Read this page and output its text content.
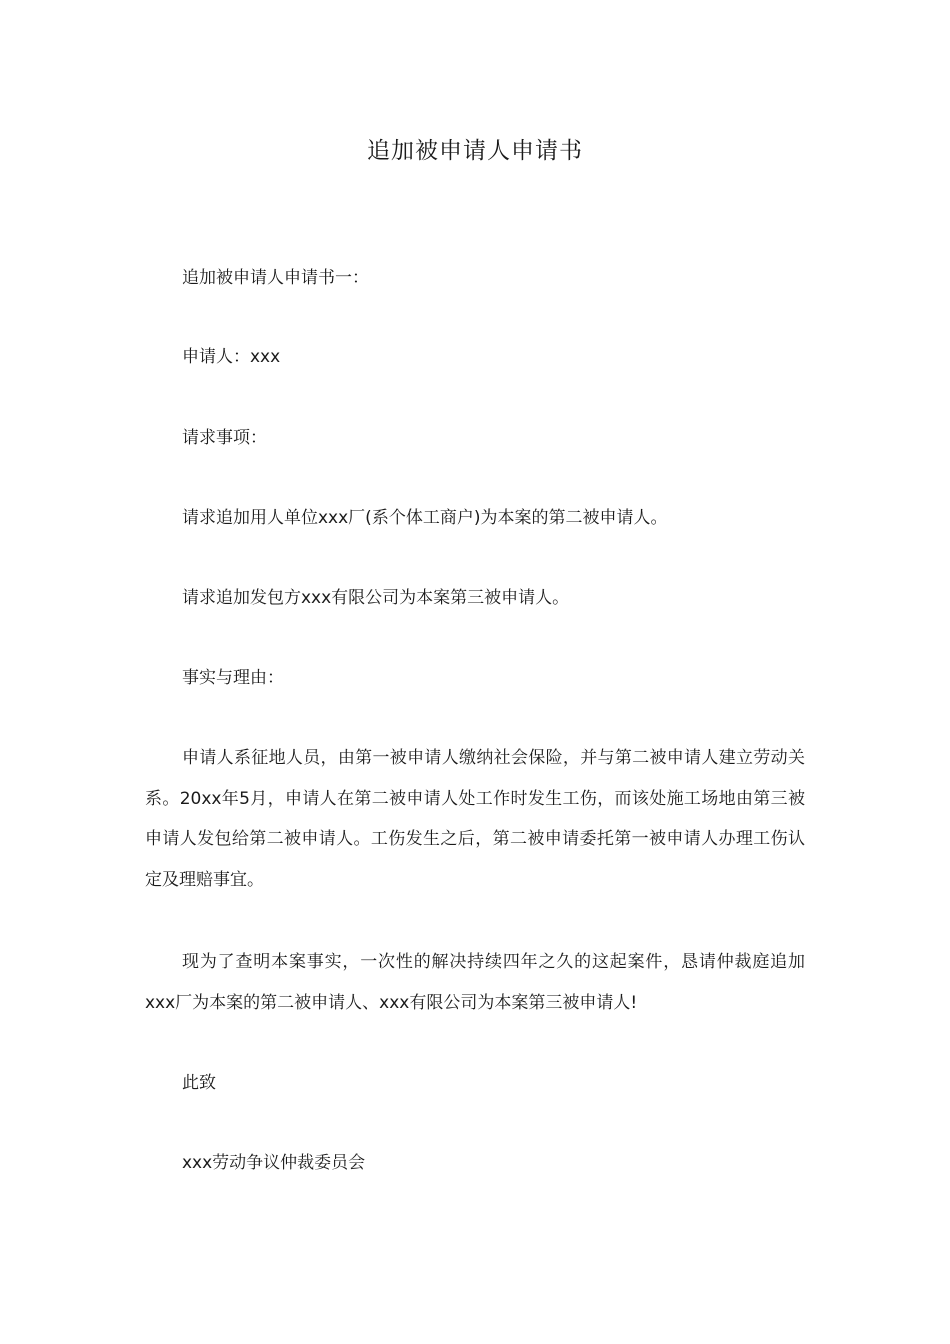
追加被申请人申请书

追加被申请人申请书一：

申请人：xxx

请求事项：

请求追加用人单位xxx厂(系个体工商户)为本案的第二被申请人。

请求追加发包方xxx有限公司为本案第三被申请人。

事实与理由：

申请人系征地人员，由第一被申请人缴纳社会保险，并与第二被申请人建立劳动关系。20xx年5月，申请人在第二被申请人处工作时发生工伤，而该处施工场地由第三被申请人发包给第二被申请人。工伤发生之后，第二被申请委托第一被申请人办理工伤认定及理赔事宜。

现为了查明本案事实，一次性的解决持续四年之久的这起案件，恳请仲裁庭追加xxx厂为本案的第二被申请人、xxx有限公司为本案第三被申请人!

此致

xxx劳动争议仲裁委员会
